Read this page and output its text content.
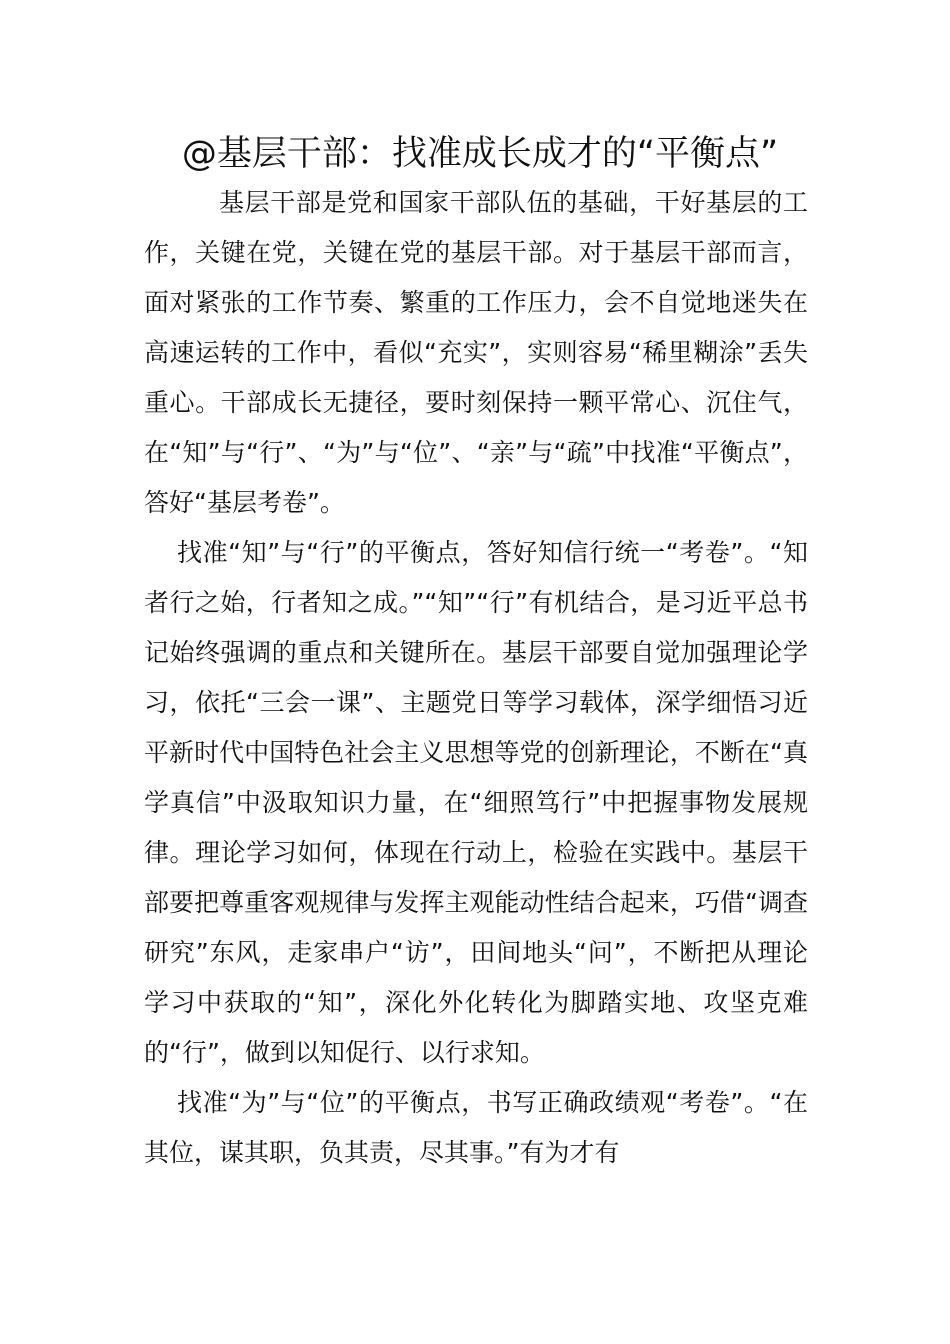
@基层干部：找准成长成才的“平衡点”

基层干部是党和国家干部队伍的基础，干好基层的工作，关键在党，关键在党的基层干部。对于基层干部而言，面对紧张的工作节奏、繁重的工作压力，会不自觉地迷失在高速运转的工作中，看似“充实”，实则容易“稀里糊涂”丢失重心。干部成长无捷径，要时刻保持一颗平常心、沉住气，在“知”与“行”、“为”与“位”、“亲”与“疏”中找准“平衡点”，答好“基层考卷”。

找准“知”与“行”的平衡点，答好知信行统一“考卷”。“知者行之始，行者知之成。”“知”“行”有机结合，是习近平总书记始终强调的重点和关键所在。基层干部要自觉加强理论学习，依托“三会一课”、主题党日等学习载体，深学细悟习近平新时代中国特色社会主义思想等党的创新理论，不断在“真学真信”中汲取知识力量，在“细照笃行”中把握事物发展规律。理论学习如何，体现在行动上，检验在实践中。基层干部要把尊重客观规律与发挥主观能动性结合起来，巧借“调查研究”东风，走家串户“访”，田间地头“问”，不断把从理论学习中获取的“知”，深化外化转化为脚踏实地、攻坚克难的“行”，做到以知促行、以行求知。

找准“为”与“位”的平衡点，书写正确政绩观“考卷”。“在其位，谋其职，负其责，尽其事。”有为才有
